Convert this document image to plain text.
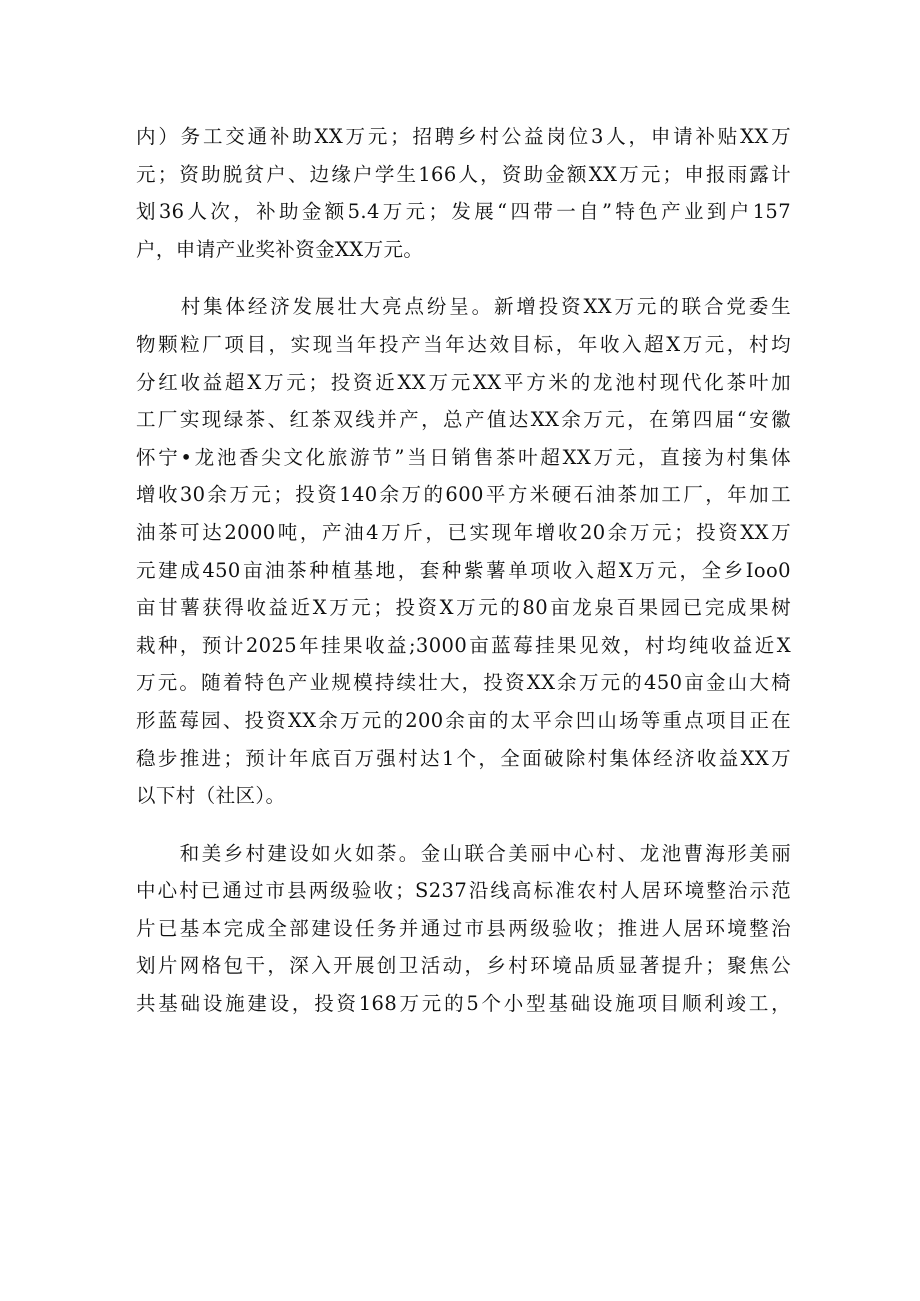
内）务工交通补助XX万元；招聘乡村公益岗位3人，申请补贴XX万
元；资助脱贫户、边缘户学生166人，资助金额XX万元；申报雨露计
划36人次，补助金额5.4万元；发展“四带一自”特色产业到户157
户，申请产业奖补资金XX万元。

　　村集体经济发展壮大亮点纷呈。新增投资XX万元的联合党委生
物颗粒厂项目，实现当年投产当年达效目标，年收入超X万元，村均
分红收益超X万元；投资近XX万元XX平方米的龙池村现代化茶叶加
工厂实现绿茶、红茶双线并产，总产值达XX余万元，在第四届“安徽
怀宁•龙池香尖文化旅游节”当日销售茶叶超XX万元，直接为村集体
增收30余万元；投资140余万的600平方米硬石油茶加工厂，年加工
油茶可达2000吨，产油4万斤，已实现年增收20余万元；投资XX万
元建成450亩油茶种植基地，套种紫薯单项收入超X万元，全乡Ioo0
亩甘薯获得收益近X万元；投资X万元的80亩龙泉百果园已完成果树
栽种，预计2025年挂果收益;3000亩蓝莓挂果见效，村均纯收益近X
万元。随着特色产业规模持续壮大，投资XX余万元的450亩金山大椅
形蓝莓园、投资XX余万元的200余亩的太平佘凹山场等重点项目正在
稳步推进；预计年底百万强村达1个，全面破除村集体经济收益XX万
以下村（社区）。

　　和美乡村建设如火如荼。金山联合美丽中心村、龙池曹海形美丽
中心村已通过市县两级验收；S237沿线高标准农村人居环境整治示范
片已基本完成全部建设任务并通过市县两级验收；推进人居环境整治
划片网格包干，深入开展创卫活动，乡村环境品质显著提升；聚焦公
共基础设施建设，投资168万元的5个小型基础设施项目顺利竣工，
